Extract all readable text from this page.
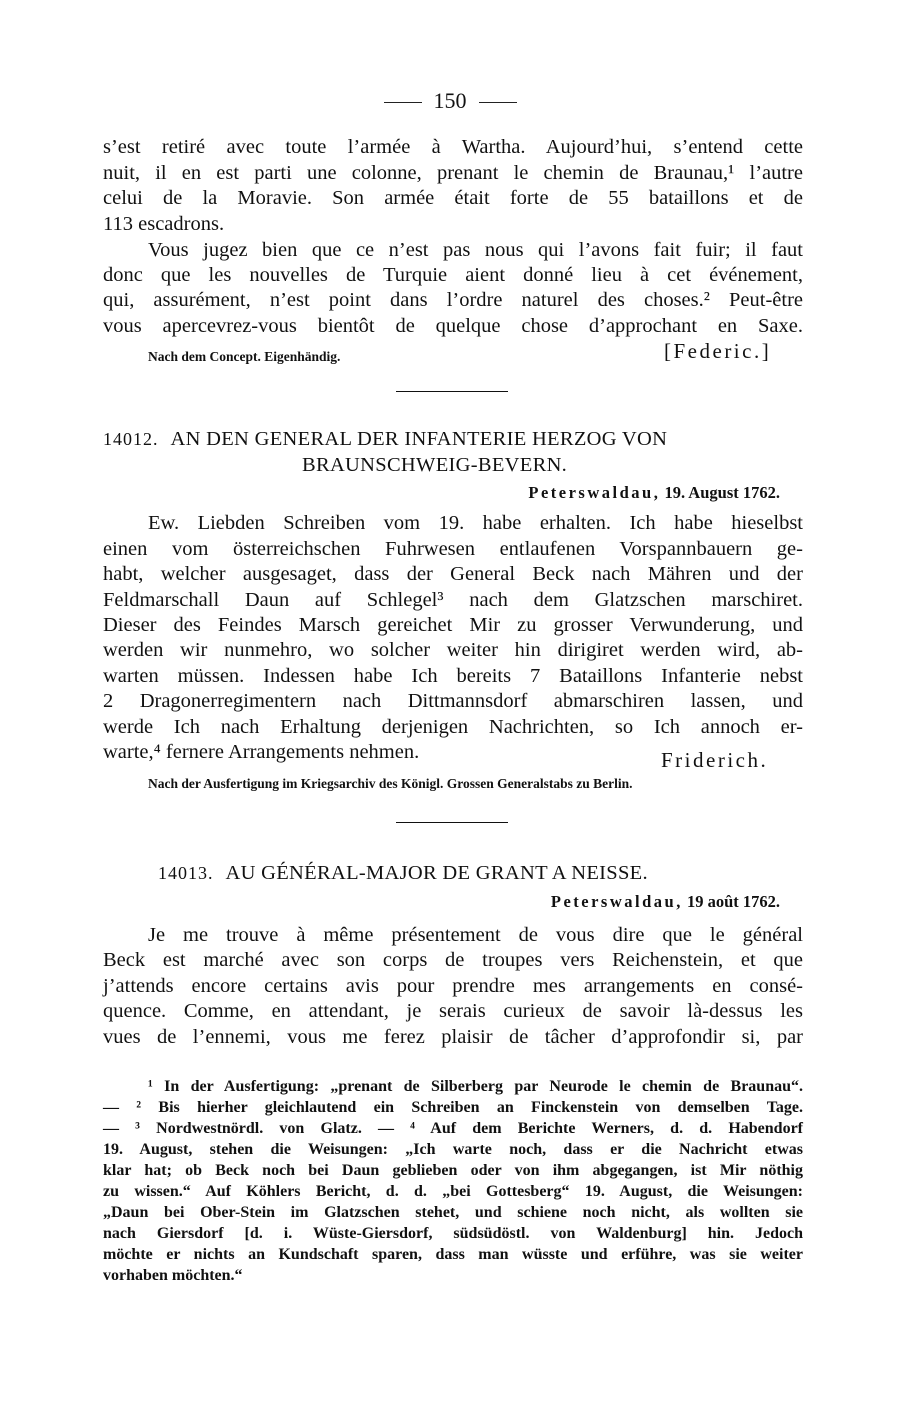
150
s’est retiré avec toute l’armée à Wartha. Aujourd’hui, s’entend cette
nuit, il en est parti une colonne, prenant le chemin de Braunau,¹ l’autre
celui de la Moravie. Son armée était forte de 55 bataillons et de
113 escadrons.
Vous jugez bien que ce n’est pas nous qui l’avons fait fuir; il faut
donc que les nouvelles de Turquie aient donné lieu à cet événement,
qui, assurément, n’est point dans l’ordre naturel des choses.² Peut-être
vous apercevrez-vous bientôt de quelque chose d’approchant en Saxe.
Nach dem Concept. Eigenhändig.	[Federic.]
14012. AN DEN GENERAL DER INFANTERIE HERZOG VON
BRAUNSCHWEIG-BEVERN.
Peterswaldau, 19. August 1762.
Ew. Liebden Schreiben vom 19. habe erhalten. Ich habe hieselbst
einen vom österreichschen Fuhrwesen entlaufenen Vorspannbauern ge-
habt, welcher ausgesaget, dass der General Beck nach Mähren und der
Feldmarschall Daun auf Schlegel³ nach dem Glatzschen marschiret.
Dieser des Feindes Marsch gereichet Mir zu grosser Verwunderung, und
werden wir nunmehro, wo solcher weiter hin dirigiret werden wird, ab-
warten müssen. Indessen habe Ich bereits 7 Bataillons Infanterie nebst
2 Dragonerregimentern nach Dittmannsdorf abmarschiren lassen, und
werde Ich nach Erhaltung derjenigen Nachrichten, so Ich annoch er-
warte,⁴ fernere Arrangements nehmen.	Friderich.
Nach der Ausfertigung im Kriegsarchiv des Königl. Grossen Generalstabs zu Berlin.
14013. AU GÉNÉRAL-MAJOR DE GRANT A NEISSE.
Peterswaldau, 19 août 1762.
Je me trouve à même présentement de vous dire que le général
Beck est marché avec son corps de troupes vers Reichenstein, et que
j’attends encore certains avis pour prendre mes arrangements en consé-
quence. Comme, en attendant, je serais curieux de savoir là-dessus les
vues de l’ennemi, vous me ferez plaisir de tâcher d’approfondir si, par
¹ In der Ausfertigung: „prenant de Silberberg par Neurode le chemin de Braunau“.
— ² Bis hierher gleichlautend ein Schreiben an Finckenstein von demselben Tage.
— ³ Nordwestnördl. von Glatz. — ⁴ Auf dem Berichte Werners, d. d. Habendorf
19. August, stehen die Weisungen: „Ich warte noch, dass er die Nachricht etwas
klar hat; ob Beck noch bei Daun geblieben oder von ihm abgegangen, ist Mir nöthig
zu wissen.“ Auf Köhlers Bericht, d. d. „bei Gottesberg“ 19. August, die Weisungen:
„Daun bei Ober-Stein im Glatzschen stehet, und schiene noch nicht, als wollten sie
nach Giersdorf [d. i. Wüste-Giersdorf, südsüdöstl. von Waldenburg] hin. Jedoch
möchte er nichts an Kundschaft sparen, dass man wüsste und erführe, was sie weiter
vorhaben möchten.“
